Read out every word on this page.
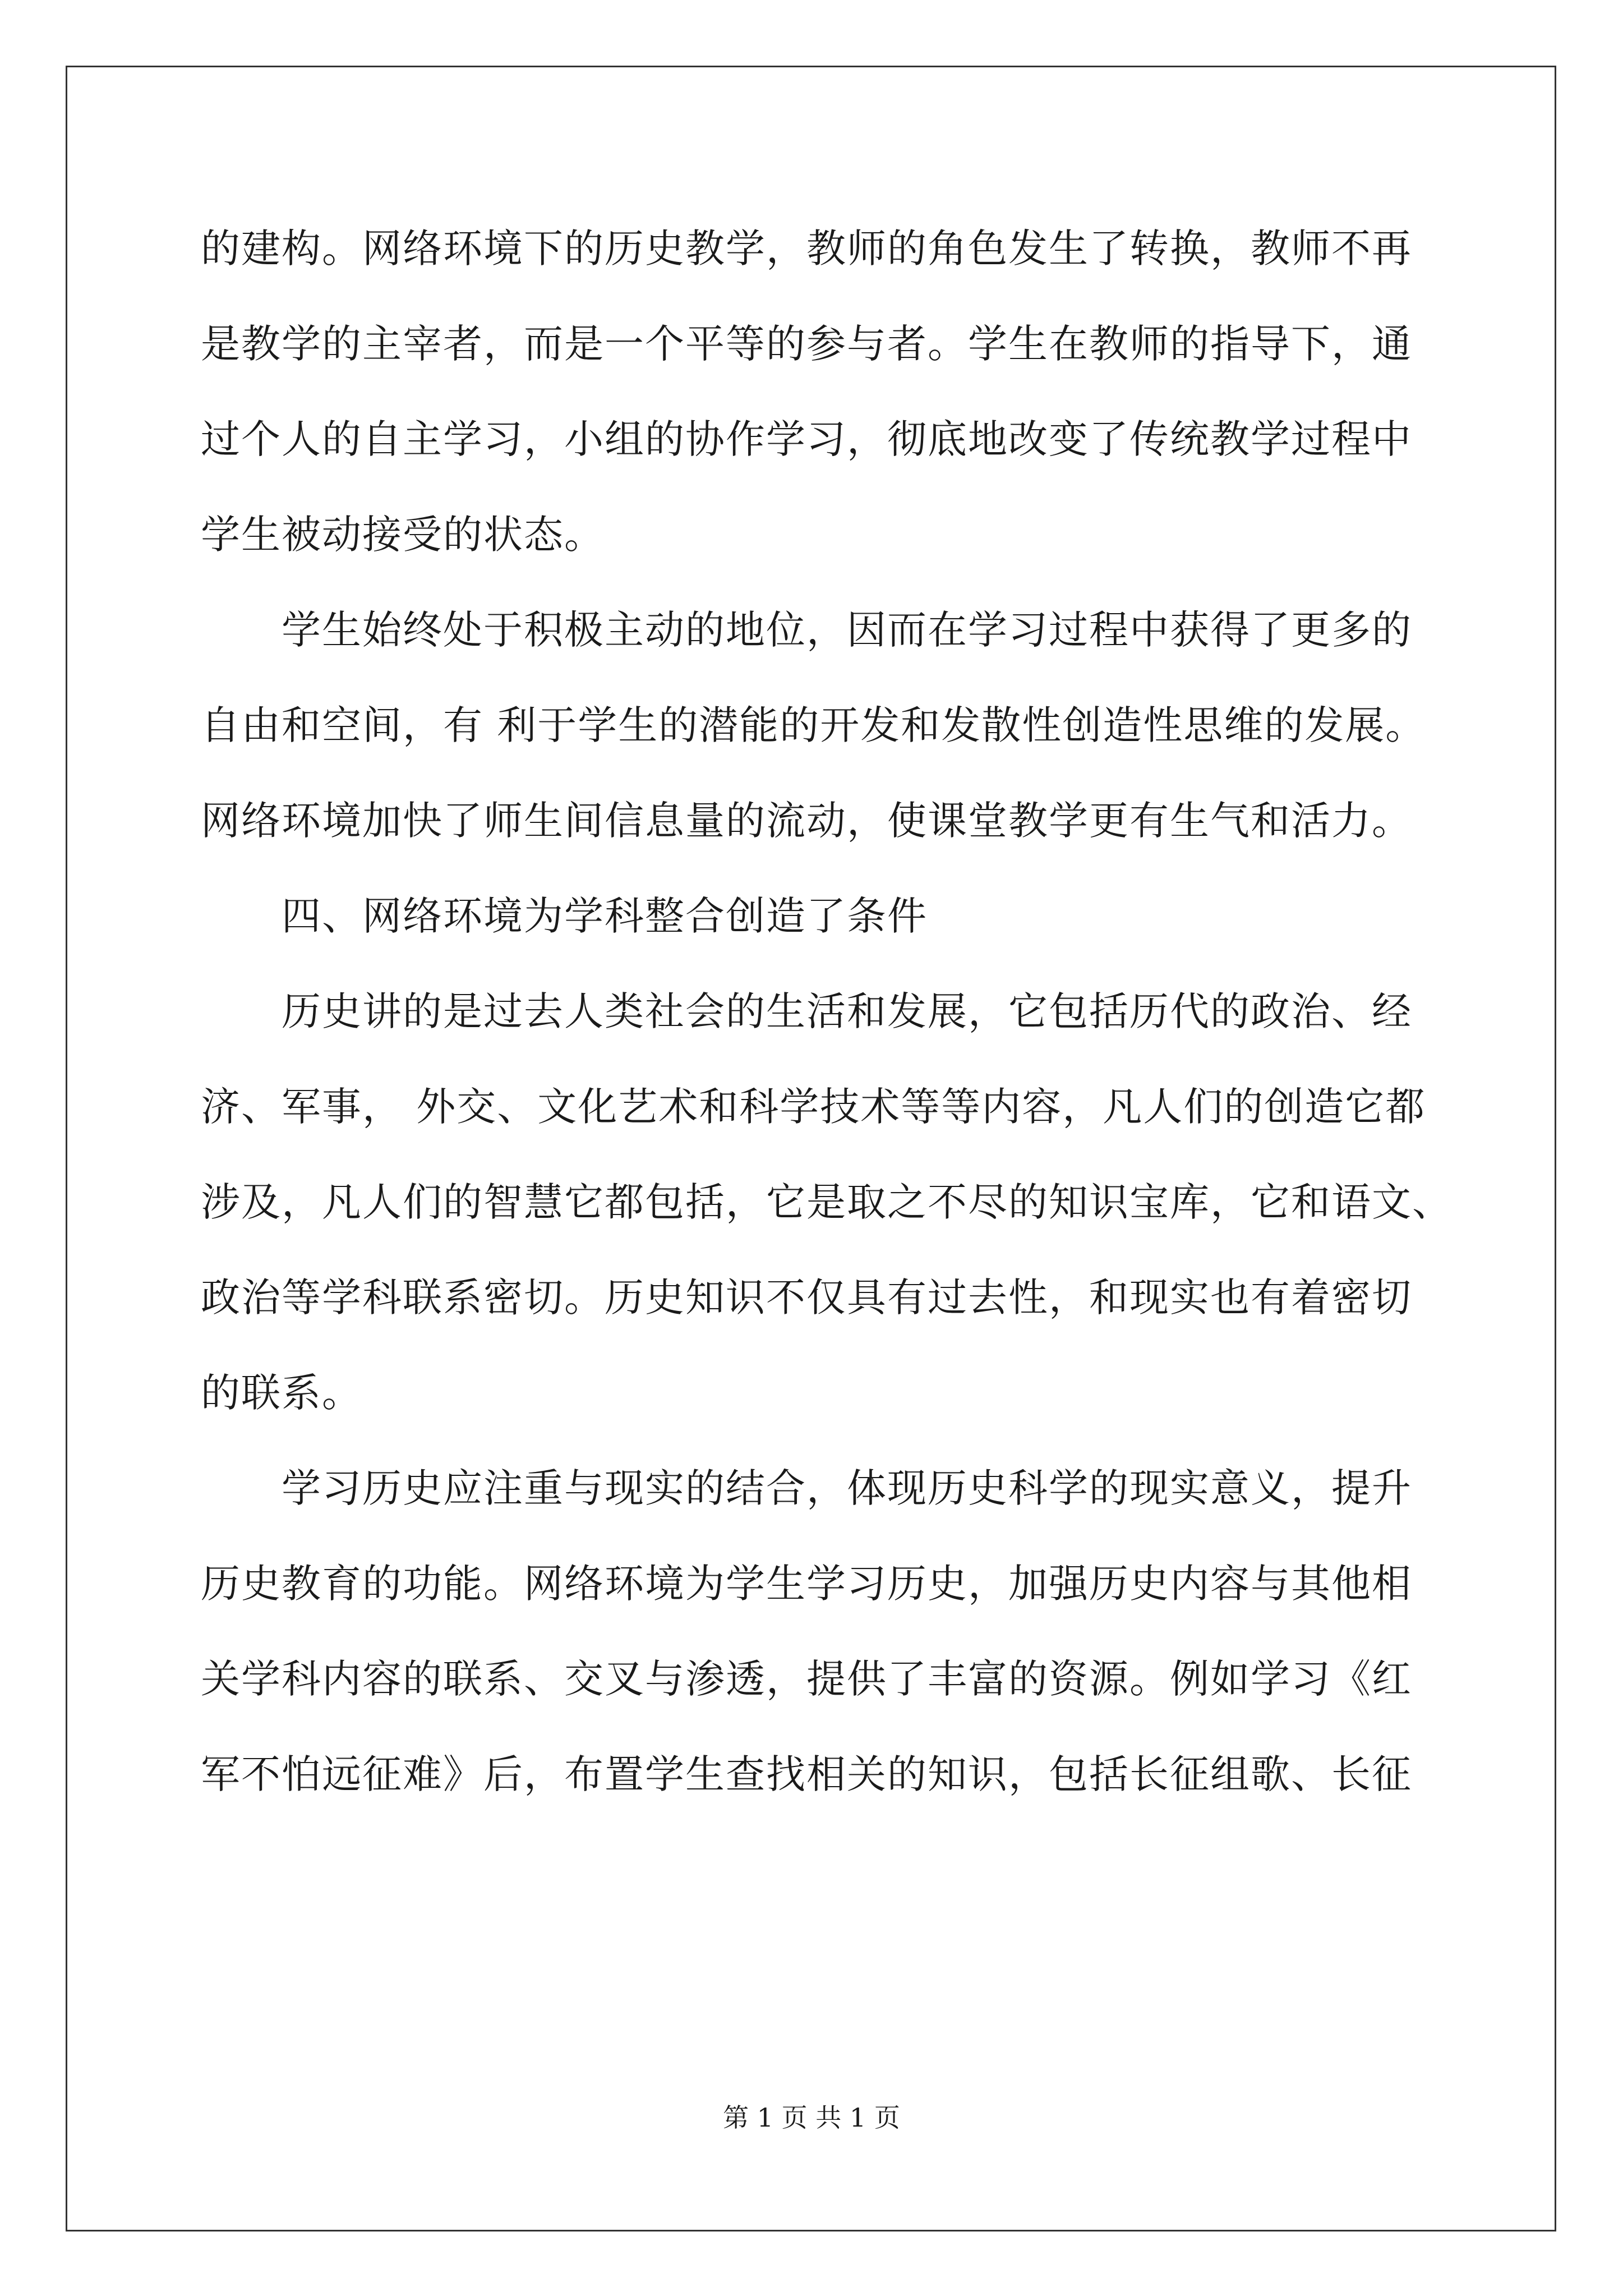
的建构。网络环境下的历史教学，教师的角色发生了转换，教师不再
是教学的主宰者，而是一个平等的参与者。学生在教师的指导下，通
过个人的自主学习，小组的协作学习，彻底地改变了传统教学过程中
学生被动接受的状态。
　　学生始终处于积极主动的地位，因而在学习过程中获得了更多的
自由和空间，有 利于学生的潜能的开发和发散性创造性思维的发展。
网络环境加快了师生间信息量的流动，使课堂教学更有生气和活力。
　　四、网络环境为学科整合创造了条件
　　历史讲的是过去人类社会的生活和发展，它包括历代的政治、经
济、军事， 外交、文化艺术和科学技术等等内容，凡人们的创造它都
涉及，凡人们的智慧它都包括，它是取之不尽的知识宝库，它和语文、
政治等学科联系密切。历史知识不仅具有过去性，和现实也有着密切
的联系。
　　学习历史应注重与现实的结合，体现历史科学的现实意义，提升
历史教育的功能。网络环境为学生学习历史，加强历史内容与其他相
关学科内容的联系、交叉与渗透，提供了丰富的资源。例如学习《红
军不怕远征难》后，布置学生查找相关的知识，包括长征组歌、长征
第 1 页 共 1 页
